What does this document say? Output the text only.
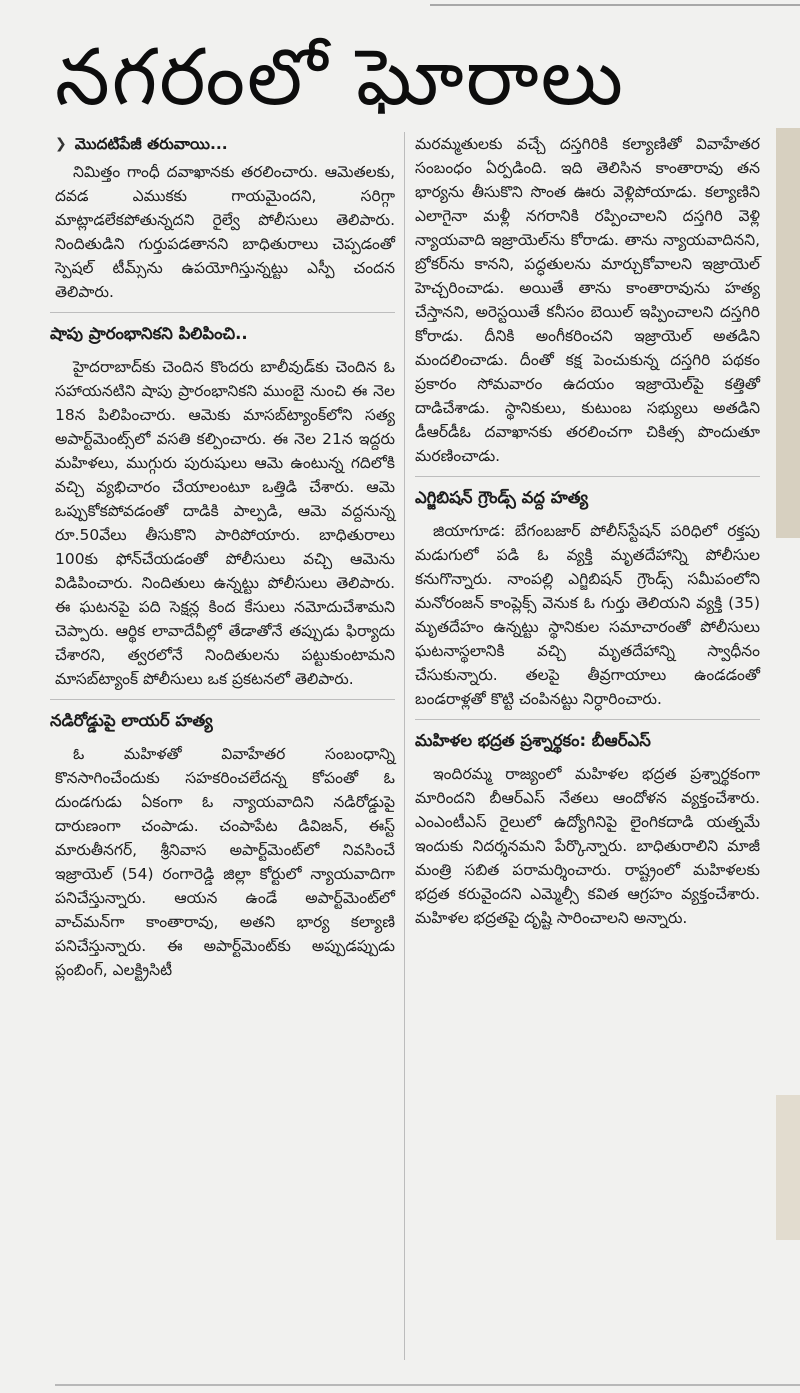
నగరంలో ఘోరాలు
❯ మొదటిపేజీ తరువాయి...

నిమిత్తం గాంధీ దవాఖానకు తరలించారు. ఆమెతలకు, దవడ ఎముకకు గాయమైందని, సరిగ్గా మాట్లాడలేకపోతున్నదని రైల్వే పోలీసులు తెలిపారు. నిందితుడిని గుర్తుపడతానని బాధితురాలు చెప్పడంతో స్పెషల్ టీమ్స్‌ను ఉపయోగిస్తున్నట్టు ఎస్పీ చందన తెలిపారు.

షాపు ప్రారంభానికని పిలిపించి..

హైదరాబాద్‌కు చెందిన కొందరు బాలీవుడ్‌కు చెందిన ఓ సహాయనటిని షాపు ప్రారంభానికని ముంబై నుంచి ఈ నెల 18న పిలిపించారు. ఆమెకు మాసబ్‌ట్యాంక్‌లోని సత్య అపార్ట్‌మెంట్స్‌లో వసతి కల్పించారు. ఈ నెల 21న ఇద్దరు మహిళలు, ముగ్గురు పురుషులు ఆమె ఉంటున్న గదిలోకి వచ్చి వ్యభిచారం చేయాలంటూ ఒత్తిడి చేశారు. ఆమె ఒప్పుకోకపోవడంతో దాడికి పాల్పడి, ఆమె వద్దనున్న రూ.50వేలు తీసుకొని పారిపోయారు. బాధితురాలు 100కు ఫోన్‌చేయడంతో పోలీసులు వచ్చి ఆమెను విడిపించారు. నిందితులు ఉన్నట్టు పోలీసులు తెలిపారు. ఈ ఘటనపై పది సెక్షన్ల కింద కేసులు నమోదుచేశామని చెప్పారు. ఆర్థిక లావాదేవీల్లో తేడాతోనే తప్పుడు ఫిర్యాదు చేశారని, త్వరలోనే నిందితులను పట్టుకుంటామని మాసబ్‌ట్యాంక్ పోలీసులు ఒక ప్రకటనలో తెలిపారు.

నడిరోడ్డుపై లాయర్ హత్య

ఓ మహిళతో వివాహేతర సంబంధాన్ని కొనసాగించేందుకు సహకరించలేదన్న కోపంతో ఓ దుండగుడు ఏకంగా ఓ న్యాయవాదిని నడిరోడ్డుపై దారుణంగా చంపాడు. చంపాపేట డివిజన్, ఈస్ట్ మారుతీనగర్, శ్రీనివాస అపార్ట్‌మెంట్‌లో నివసించే ఇజ్రాయెల్ (54) రంగారెడ్డి జిల్లా కోర్టులో న్యాయవాదిగా పనిచేస్తున్నారు. ఆయన ఉండే అపార్ట్‌మెంట్‌లో వాచ్‌మన్‌గా కాంతారావు, అతని భార్య కల్యాణి పనిచేస్తున్నారు. ఈ అపార్ట్‌మెంట్‌కు అప్పుడప్పుడు ప్లంబింగ్, ఎలక్ట్రిసిటీ

మరమ్మతులకు వచ్చే దస్తగిరికి కల్యాణితో వివాహేతర సంబంధం ఏర్పడింది. ఇది తెలిసిన కాంతారావు తన భార్యను తీసుకొని సొంత ఊరు వెళ్లిపోయాడు. కల్యాణిని ఎలాగైనా మళ్లీ నగరానికి రప్పించాలని దస్తగిరి వెళ్లి న్యాయవాది ఇజ్రాయెల్‌ను కోరాడు. తాను న్యాయవాదినని, బ్రోకర్‌ను కానని, పద్ధతులను మార్చుకోవాలని ఇజ్రాయెల్ హెచ్చరించాడు. అయితే తాను కాంతారావును హత్య చేస్తానని, అరెస్టయితే కనీసం బెయిల్ ఇప్పించాలని దస్తగిరి కోరాడు. దీనికి అంగీకరించని ఇజ్రాయెల్ అతడిని మందలించాడు. దీంతో కక్ష పెంచుకున్న దస్తగిరి పథకం ప్రకారం సోమవారం ఉదయం ఇజ్రాయెల్‌పై కత్తితో దాడిచేశాడు. స్థానికులు, కుటుంబ సభ్యులు అతడిని డీఆర్‌డీఓ దవాఖానకు తరలించగా చికిత్స పొందుతూ మరణించాడు.

ఎగ్జిబిషన్ గ్రౌండ్స్ వద్ద హత్య

జియాగూడ: బేగంబజార్ పోలీస్‌స్టేషన్ పరిధిలో రక్తపు మడుగులో పడి ఓ వ్యక్తి మృతదేహాన్ని పోలీసుల కనుగొన్నారు. నాంపల్లి ఎగ్జిబిషన్ గ్రౌండ్స్ సమీపంలోని మనోరంజన్ కాంప్లెక్స్ వెనుక ఓ గుర్తు తెలియని వ్యక్తి (35) మృతదేహం ఉన్నట్టు స్థానికుల సమాచారంతో పోలీసులు ఘటనాస్థలానికి వచ్చి మృతదేహాన్ని స్వాధీనం చేసుకున్నారు. తలపై తీవ్రగాయాలు ఉండడంతో బండరాళ్లతో కొట్టి చంపినట్టు నిర్ధారించారు.

మహిళల భద్రత ప్రశ్నార్థకం: బీఆర్‌ఎస్

ఇందిరమ్మ రాజ్యంలో మహిళల భద్రత ప్రశ్నార్థకంగా మారిందని బీఆర్‌ఎస్ నేతలు ఆందోళన వ్యక్తంచేశారు. ఎంఎంటీఎస్ రైలులో ఉద్యోగినిపై లైంగికదాడి యత్నమే ఇందుకు నిదర్శనమని పేర్కొన్నారు. బాధితురాలిని మాజీ మంత్రి సబిత పరామర్శించారు. రాష్ట్రంలో మహిళలకు భద్రత కరువైందని ఎమ్మెల్సీ కవిత ఆగ్రహం వ్యక్తంచేశారు. మహిళల భద్రతపై దృష్టి సారించాలని అన్నారు.
